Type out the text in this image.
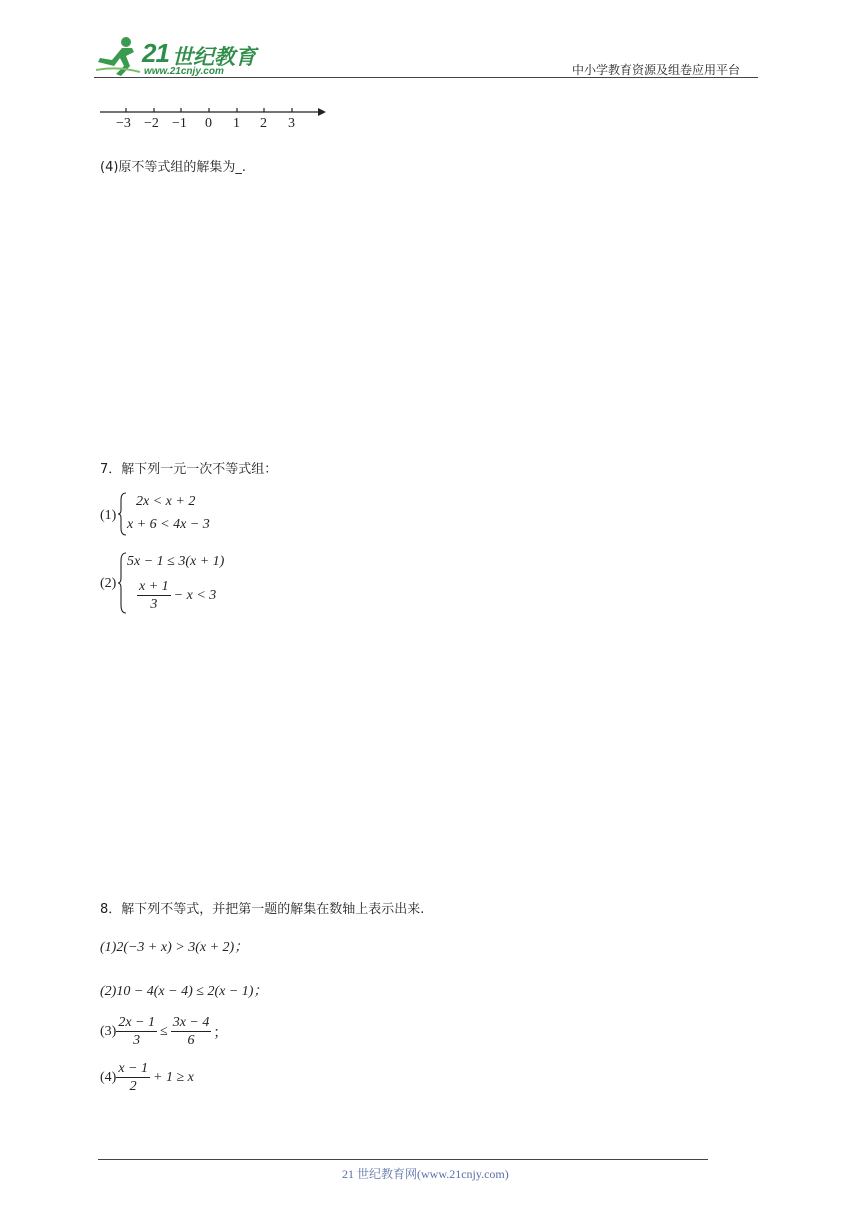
21 世纪教育
www.21cnjy.com	中小学教育资源及组卷应用平台
−3 −2 −1 0 1 2 3
(4)原不等式组的解集为_.
7．解下列一元一次不等式组：
(1)
2x < x + 2
x + 6 < 4x − 3
(2)
5x − 1 ≤ 3(x + 1)
$\frac{x + 1}{3} - x < 3$
8．解下列不等式，并把第一题的解集在数轴上表示出来.
(1)2(−3 + x) > 3(x + 2)；
(2)10 − 4(x − 4) ≤ 2(x − 1)；
$(3) \frac{2x - 1}{3} \le \frac{3x - 4}{6}$ ；
$(4) \frac{x - 1}{2} + 1 \ge x$
21 世纪教育网(www.21cnjy.com)
